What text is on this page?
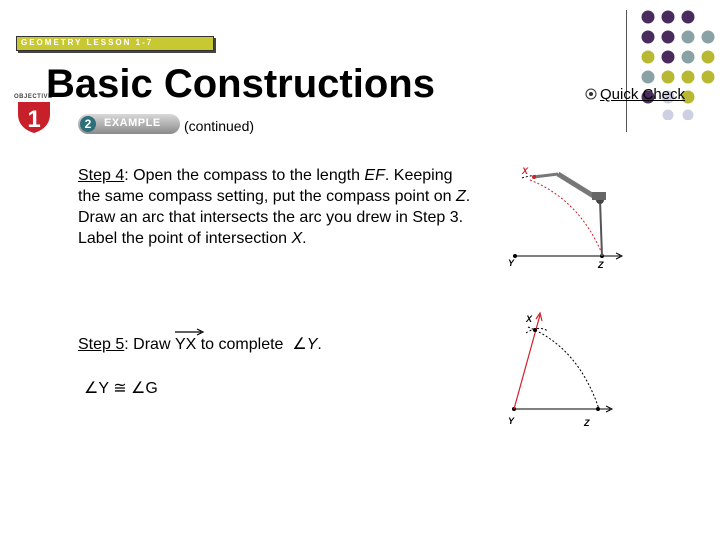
GEOMETRY LESSON 1-7
OBJECTIVE
1
Basic Constructions
2	EXAMPLE (continued)
Step 4: Open the compass to the length EF. Keeping the same compass setting, put the compass point on Z. Draw an arc that intersects the arc you drew in Step 3. Label the point of intersection X.
Step 5: Draw
YX to complete  ∠Y.
∠Y ≅ ∠G
Quick Check
X
Y	Z
X
Y	Z
